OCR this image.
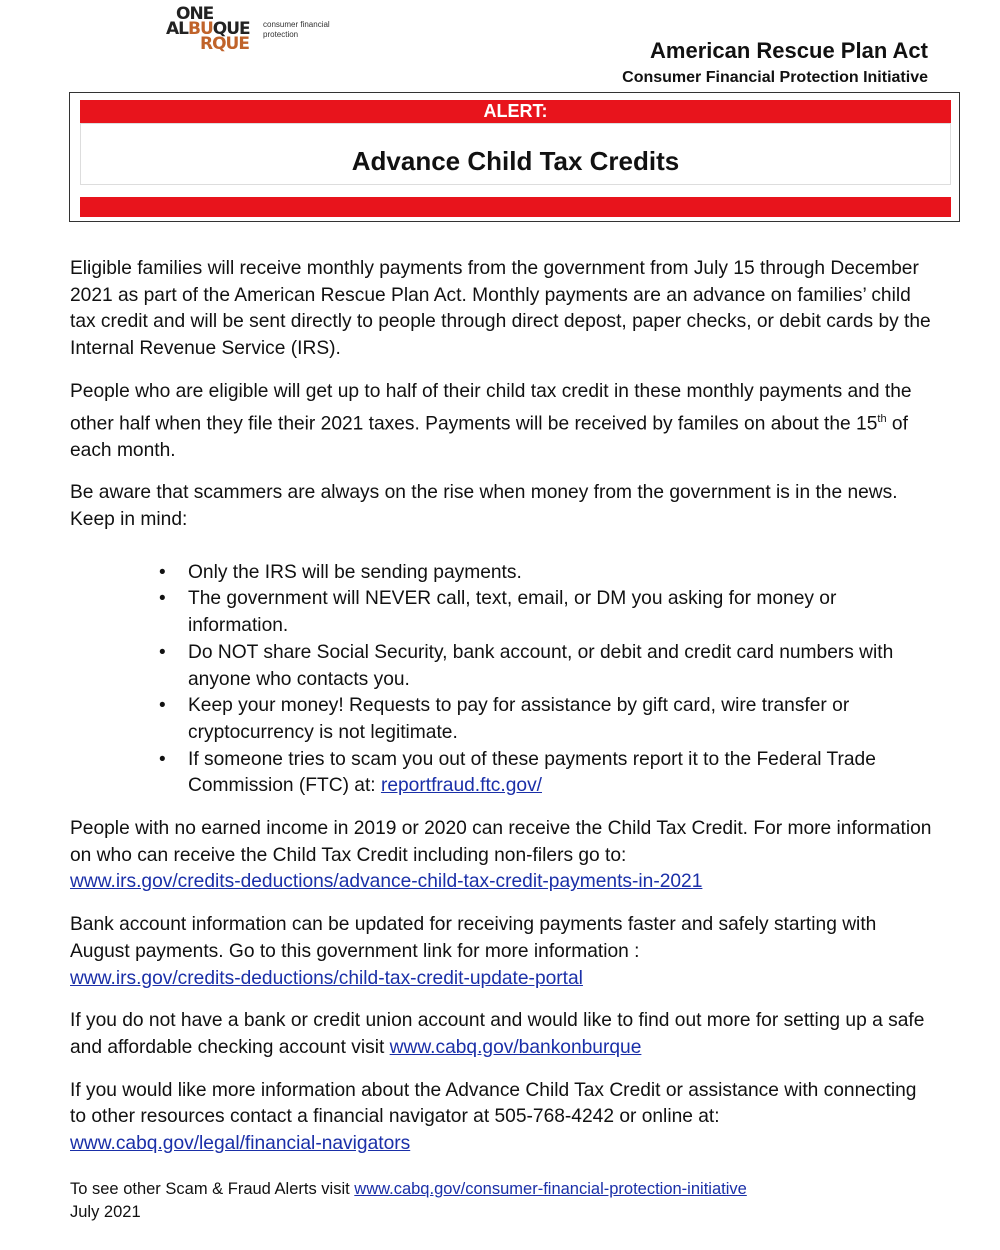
ONE
ALBUQUE
RQUE
consumer financial protection
American Rescue Plan Act
Consumer Financial Protection Initiative
ALERT:
Advance Child Tax Credits

Eligible families will receive monthly payments from the government from July 15 through December 2021 as part of the American Rescue Plan Act. Monthly payments are an advance on families’ child tax credit and will be sent directly to people through direct depost, paper checks, or debit cards by the Internal Revenue Service (IRS).

People who are eligible will get up to half of their child tax credit in these monthly payments and the other half when they file their 2021 taxes. Payments will be received by familes on about the 15th of each month.

Be aware that scammers are always on the rise when money from the government is in the news. Keep in mind:

• Only the IRS will be sending payments.
• The government will NEVER call, text, email, or DM you asking for money or information.
• Do NOT share Social Security, bank account, or debit and credit card numbers with anyone who contacts you.
• Keep your money! Requests to pay for assistance by gift card, wire transfer or cryptocurrency is not legitimate.
• If someone tries to scam you out of these payments report it to the Federal Trade Commission (FTC) at: reportfraud.ftc.gov/

People with no earned income in 2019 or 2020 can receive the Child Tax Credit. For more information on who can receive the Child Tax Credit including non-filers go to:
www.irs.gov/credits-deductions/advance-child-tax-credit-payments-in-2021

Bank account information can be updated for receiving payments faster and safely starting with August payments. Go to this government link for more information :
www.irs.gov/credits-deductions/child-tax-credit-update-portal

If you do not have a bank or credit union account and would like to find out more for setting up a safe and affordable checking account visit www.cabq.gov/bankonburque

If you would like more information about the Advance Child Tax Credit or assistance with connecting to other resources contact a financial navigator at 505-768-4242 or online at:
www.cabq.gov/legal/financial-navigators

To see other Scam & Fraud Alerts visit www.cabq.gov/consumer-financial-protection-initiative
July 2021
